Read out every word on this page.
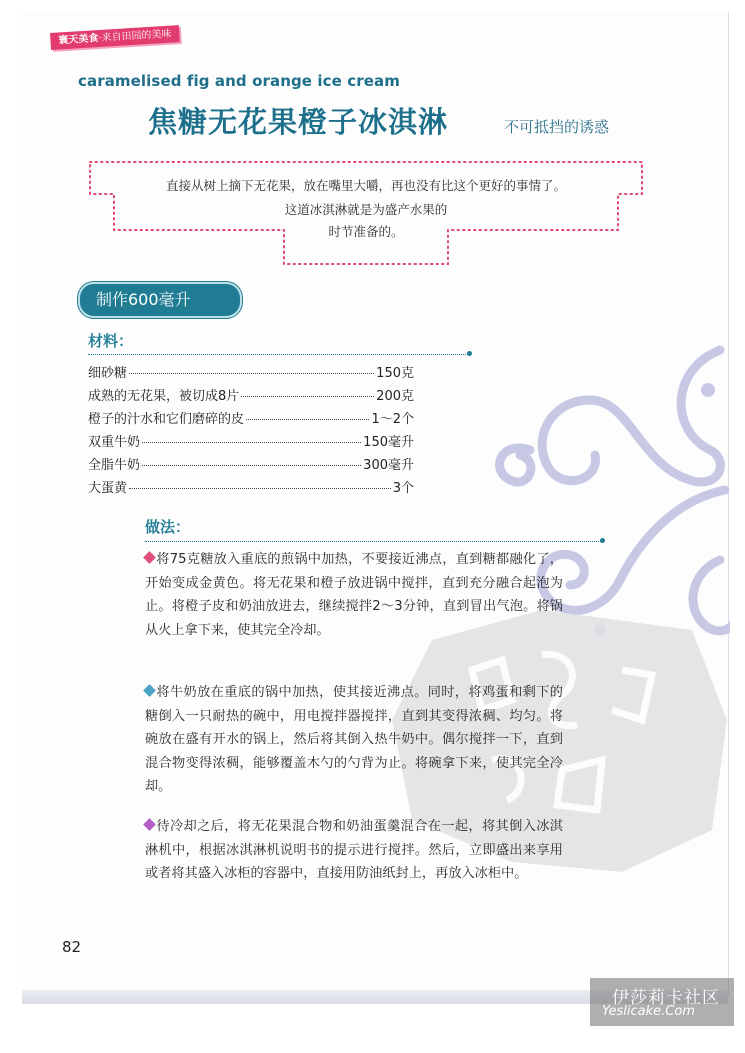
寰天美食·来自田园的美味
caramelised fig and orange ice cream
焦糖无花果橙子冰淇淋	不可抵挡的诱惑
直接从树上摘下无花果，放在嘴里大嚼，再也没有比这个更好的事情了。
这道冰淇淋就是为盛产水果的
时节准备的。
制作600毫升
材料：
细砂糖	150克
成熟的无花果，被切成8片	200克
橙子的汁水和它们磨碎的皮	1～2个
双重牛奶	150毫升
全脂牛奶	300毫升
大蛋黄	3个
做法：
将75克糖放入重底的煎锅中加热，不要接近沸点，直到糖都融化了，开始变成金黄色。将无花果和橙子放进锅中搅拌，直到充分融合起泡为止。将橙子皮和奶油放进去，继续搅拌2～3分钟，直到冒出气泡。将锅从火上拿下来，使其完全冷却。
将牛奶放在重底的锅中加热，使其接近沸点。同时，将鸡蛋和剩下的糖倒入一只耐热的碗中，用电搅拌器搅拌，直到其变得浓稠、均匀。将碗放在盛有开水的锅上，然后将其倒入热牛奶中。偶尔搅拌一下，直到混合物变得浓稠，能够覆盖木勺的勺背为止。将碗拿下来，使其完全冷却。
待冷却之后，将无花果混合物和奶油蛋羹混合在一起，将其倒入冰淇淋机中，根据冰淇淋机说明书的提示进行搅拌。然后，立即盛出来享用或者将其盛入冰柜的容器中，直接用防油纸封上，再放入冰柜中。
82
伊莎莉卡社区
Yeslicake.Com
